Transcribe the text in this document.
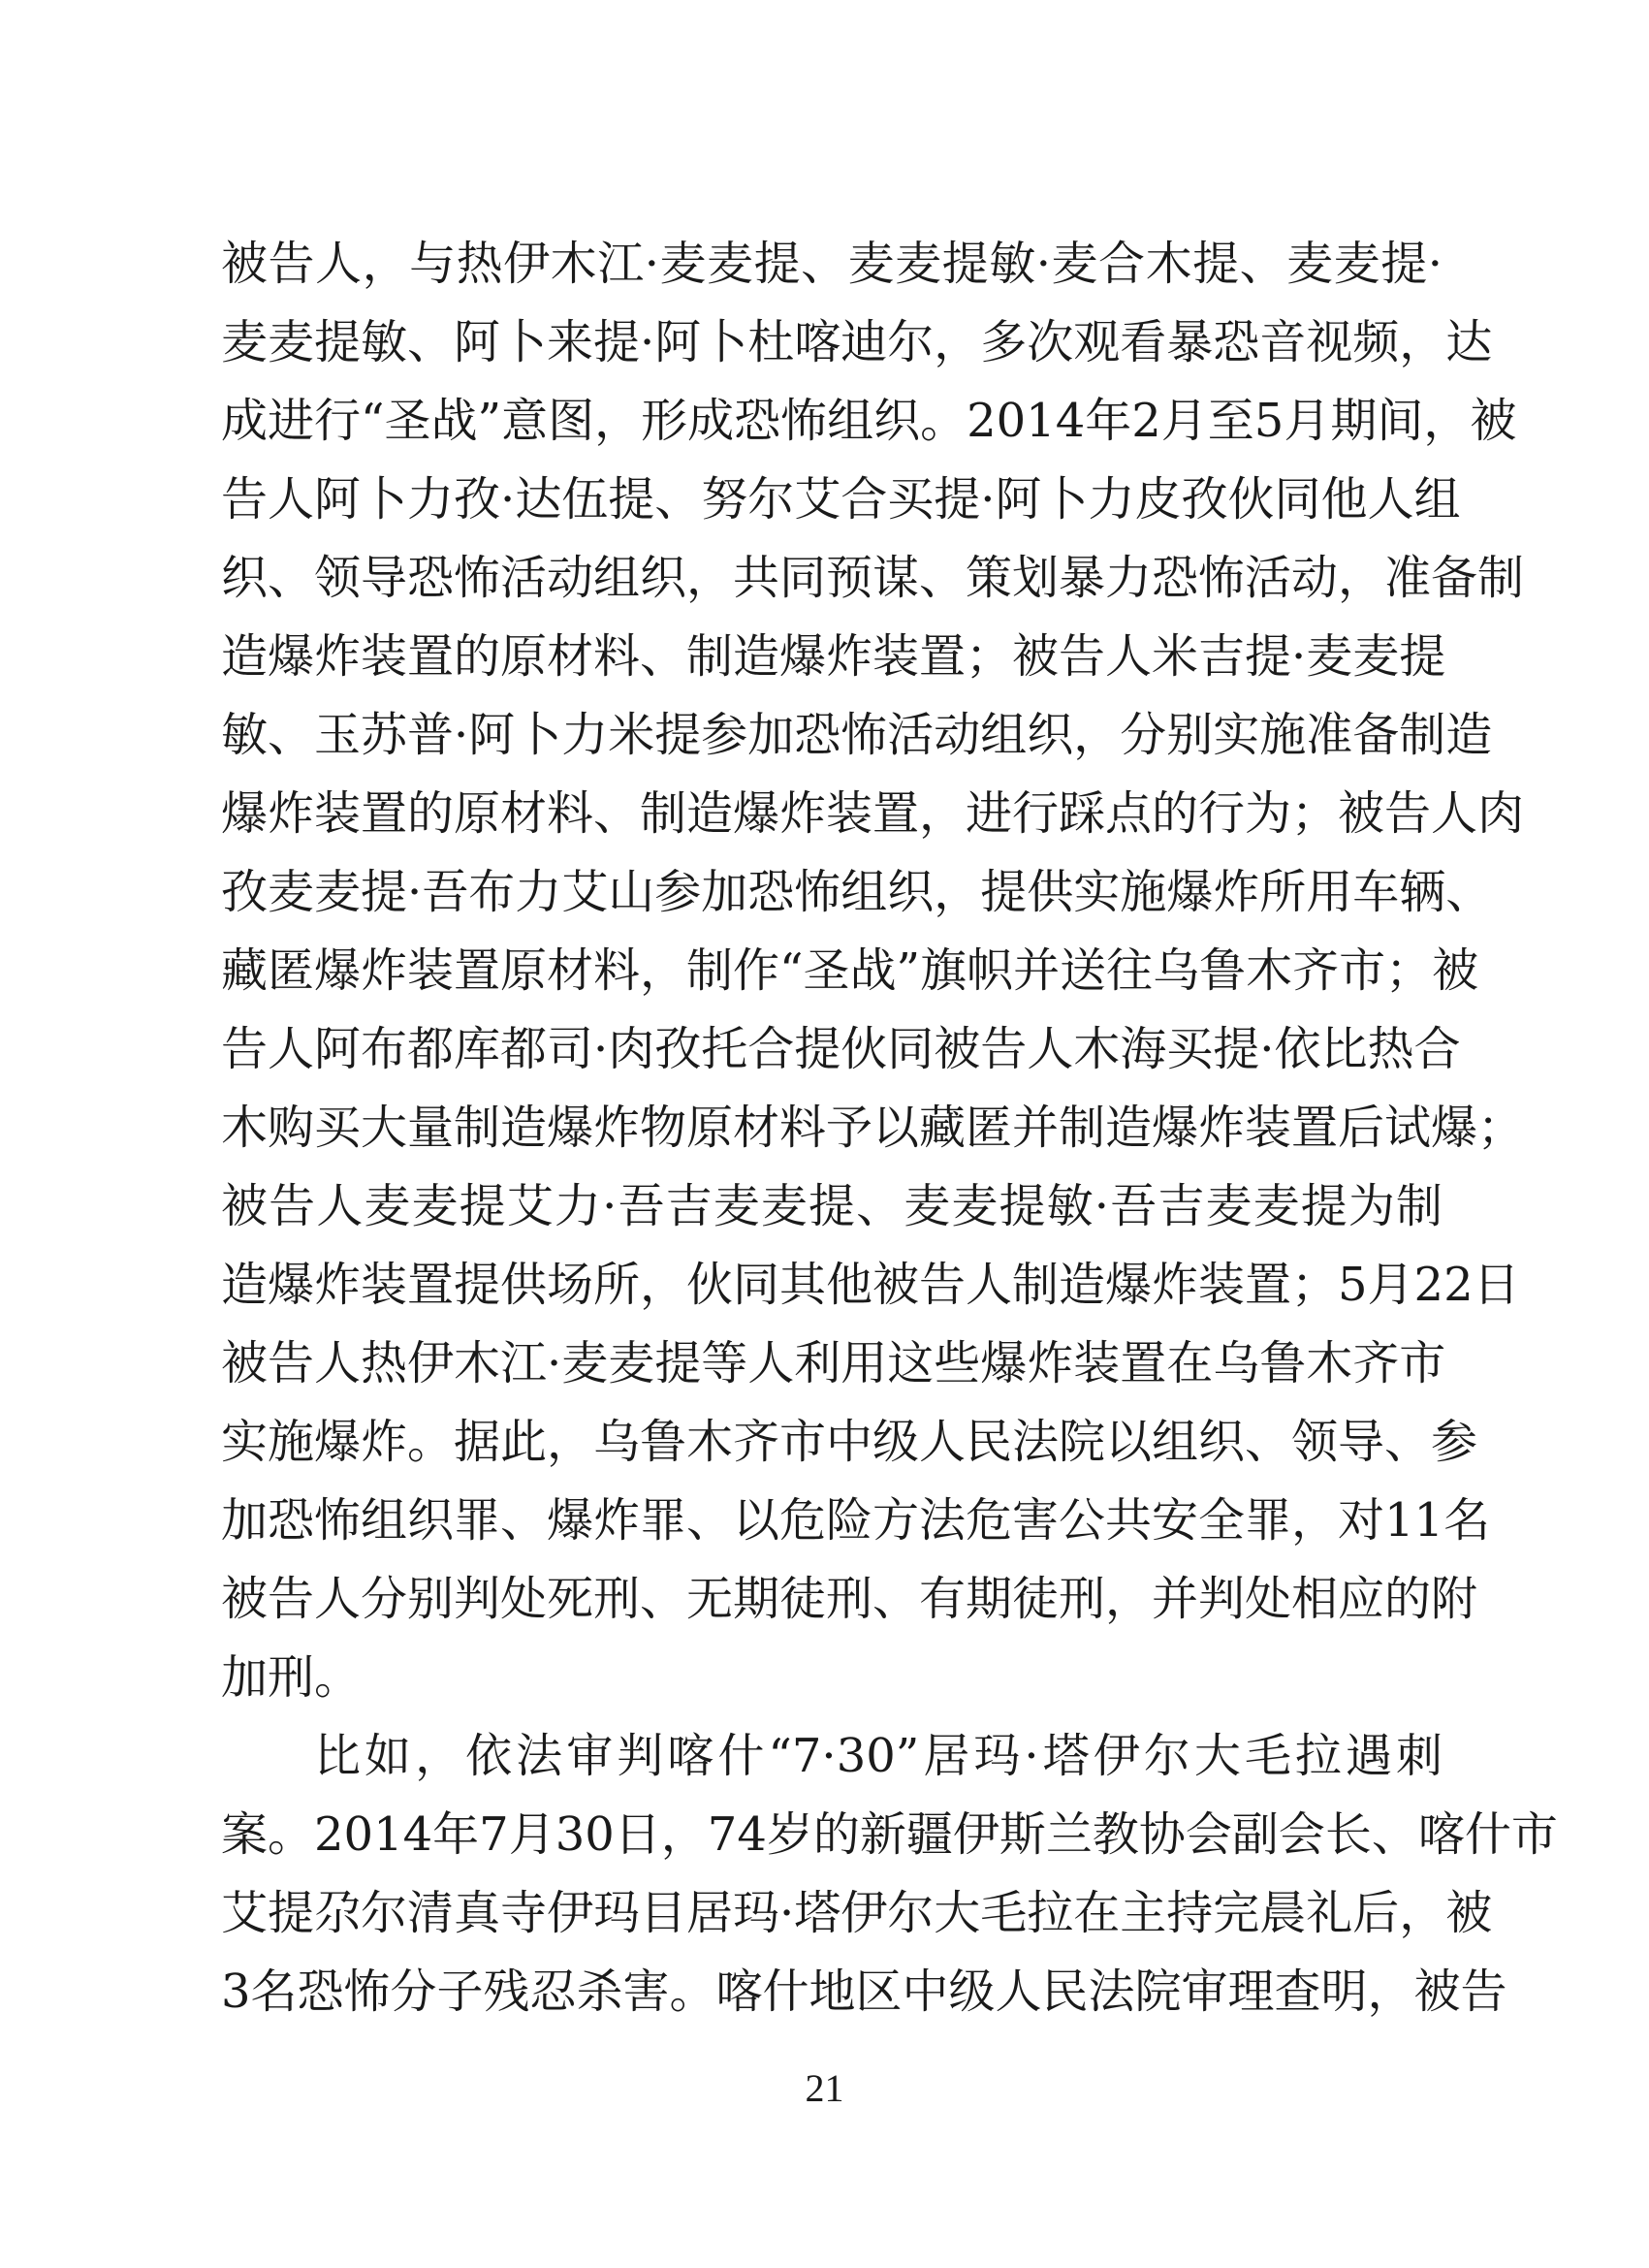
被告人，与热伊木江·麦麦提、麦麦提敏·麦合木提、麦麦提·
麦麦提敏、阿卜来提·阿卜杜喀迪尔，多次观看暴恐音视频，达
成进行“圣战”意图，形成恐怖组织。2014年2月至5月期间，被
告人阿卜力孜·达伍提、努尔艾合买提·阿卜力皮孜伙同他人组
织、领导恐怖活动组织，共同预谋、策划暴力恐怖活动，准备制
造爆炸装置的原材料、制造爆炸装置；被告人米吉提·麦麦提
敏、玉苏普·阿卜力米提参加恐怖活动组织，分别实施准备制造
爆炸装置的原材料、制造爆炸装置，进行踩点的行为；被告人肉
孜麦麦提·吾布力艾山参加恐怖组织，提供实施爆炸所用车辆、
藏匿爆炸装置原材料，制作“圣战”旗帜并送往乌鲁木齐市；被
告人阿布都库都司·肉孜托合提伙同被告人木海买提·依比热合
木购买大量制造爆炸物原材料予以藏匿并制造爆炸装置后试爆；
被告人麦麦提艾力·吾吉麦麦提、麦麦提敏·吾吉麦麦提为制
造爆炸装置提供场所，伙同其他被告人制造爆炸装置；5月22日
被告人热伊木江·麦麦提等人利用这些爆炸装置在乌鲁木齐市
实施爆炸。据此，乌鲁木齐市中级人民法院以组织、领导、参
加恐怖组织罪、爆炸罪、以危险方法危害公共安全罪，对11名
被告人分别判处死刑、无期徒刑、有期徒刑，并判处相应的附
加刑。
比如，依法审判喀什“7·30”居玛·塔伊尔大毛拉遇刺
案。2014年7月30日，74岁的新疆伊斯兰教协会副会长、喀什市
艾提尕尔清真寺伊玛目居玛·塔伊尔大毛拉在主持完晨礼后，被
3名恐怖分子残忍杀害。喀什地区中级人民法院审理查明，被告
21
